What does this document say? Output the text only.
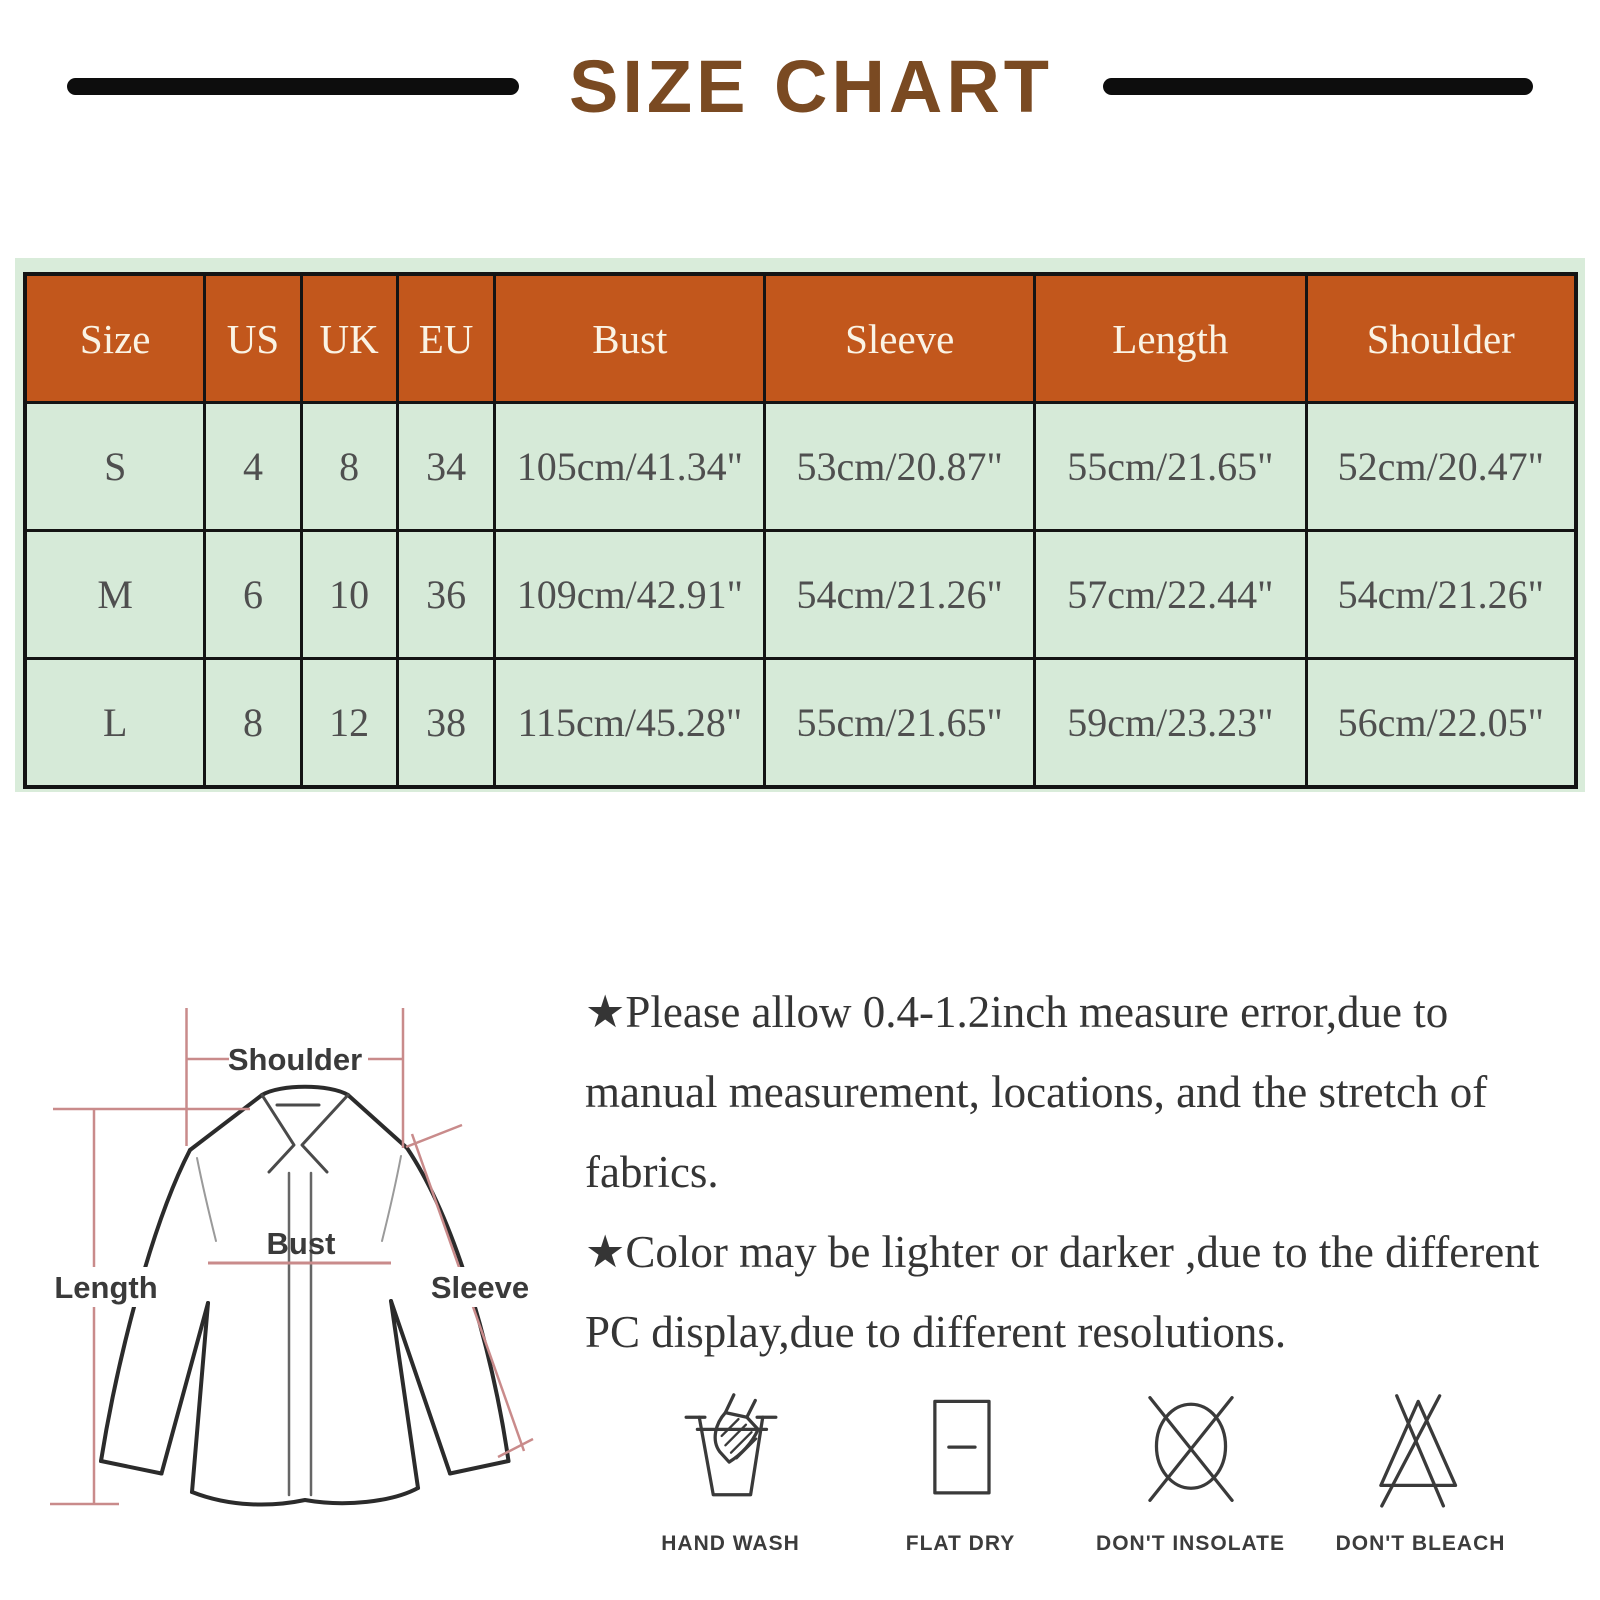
SIZE CHART
Size	US	UK	EU	Bust	Sleeve	Length	Shoulder
S	4	8	34	105cm/41.34"	53cm/20.87"	55cm/21.65"	52cm/20.47"
M	6	10	36	109cm/42.91"	54cm/21.26"	57cm/22.44"	54cm/21.26"
L	8	12	38	115cm/45.28"	55cm/21.65"	59cm/23.23"	56cm/22.05"
Shoulder
Bust
Length	Sleeve

★Please allow 0.4-1.2inch measure error,due to manual measurement, locations, and the stretch of fabrics.

★Color may be lighter or darker ,due to the different PC display,due to different resolutions.

HAND WASH	FLAT DRY	DON'T INSOLATE DON'T BLEACH
